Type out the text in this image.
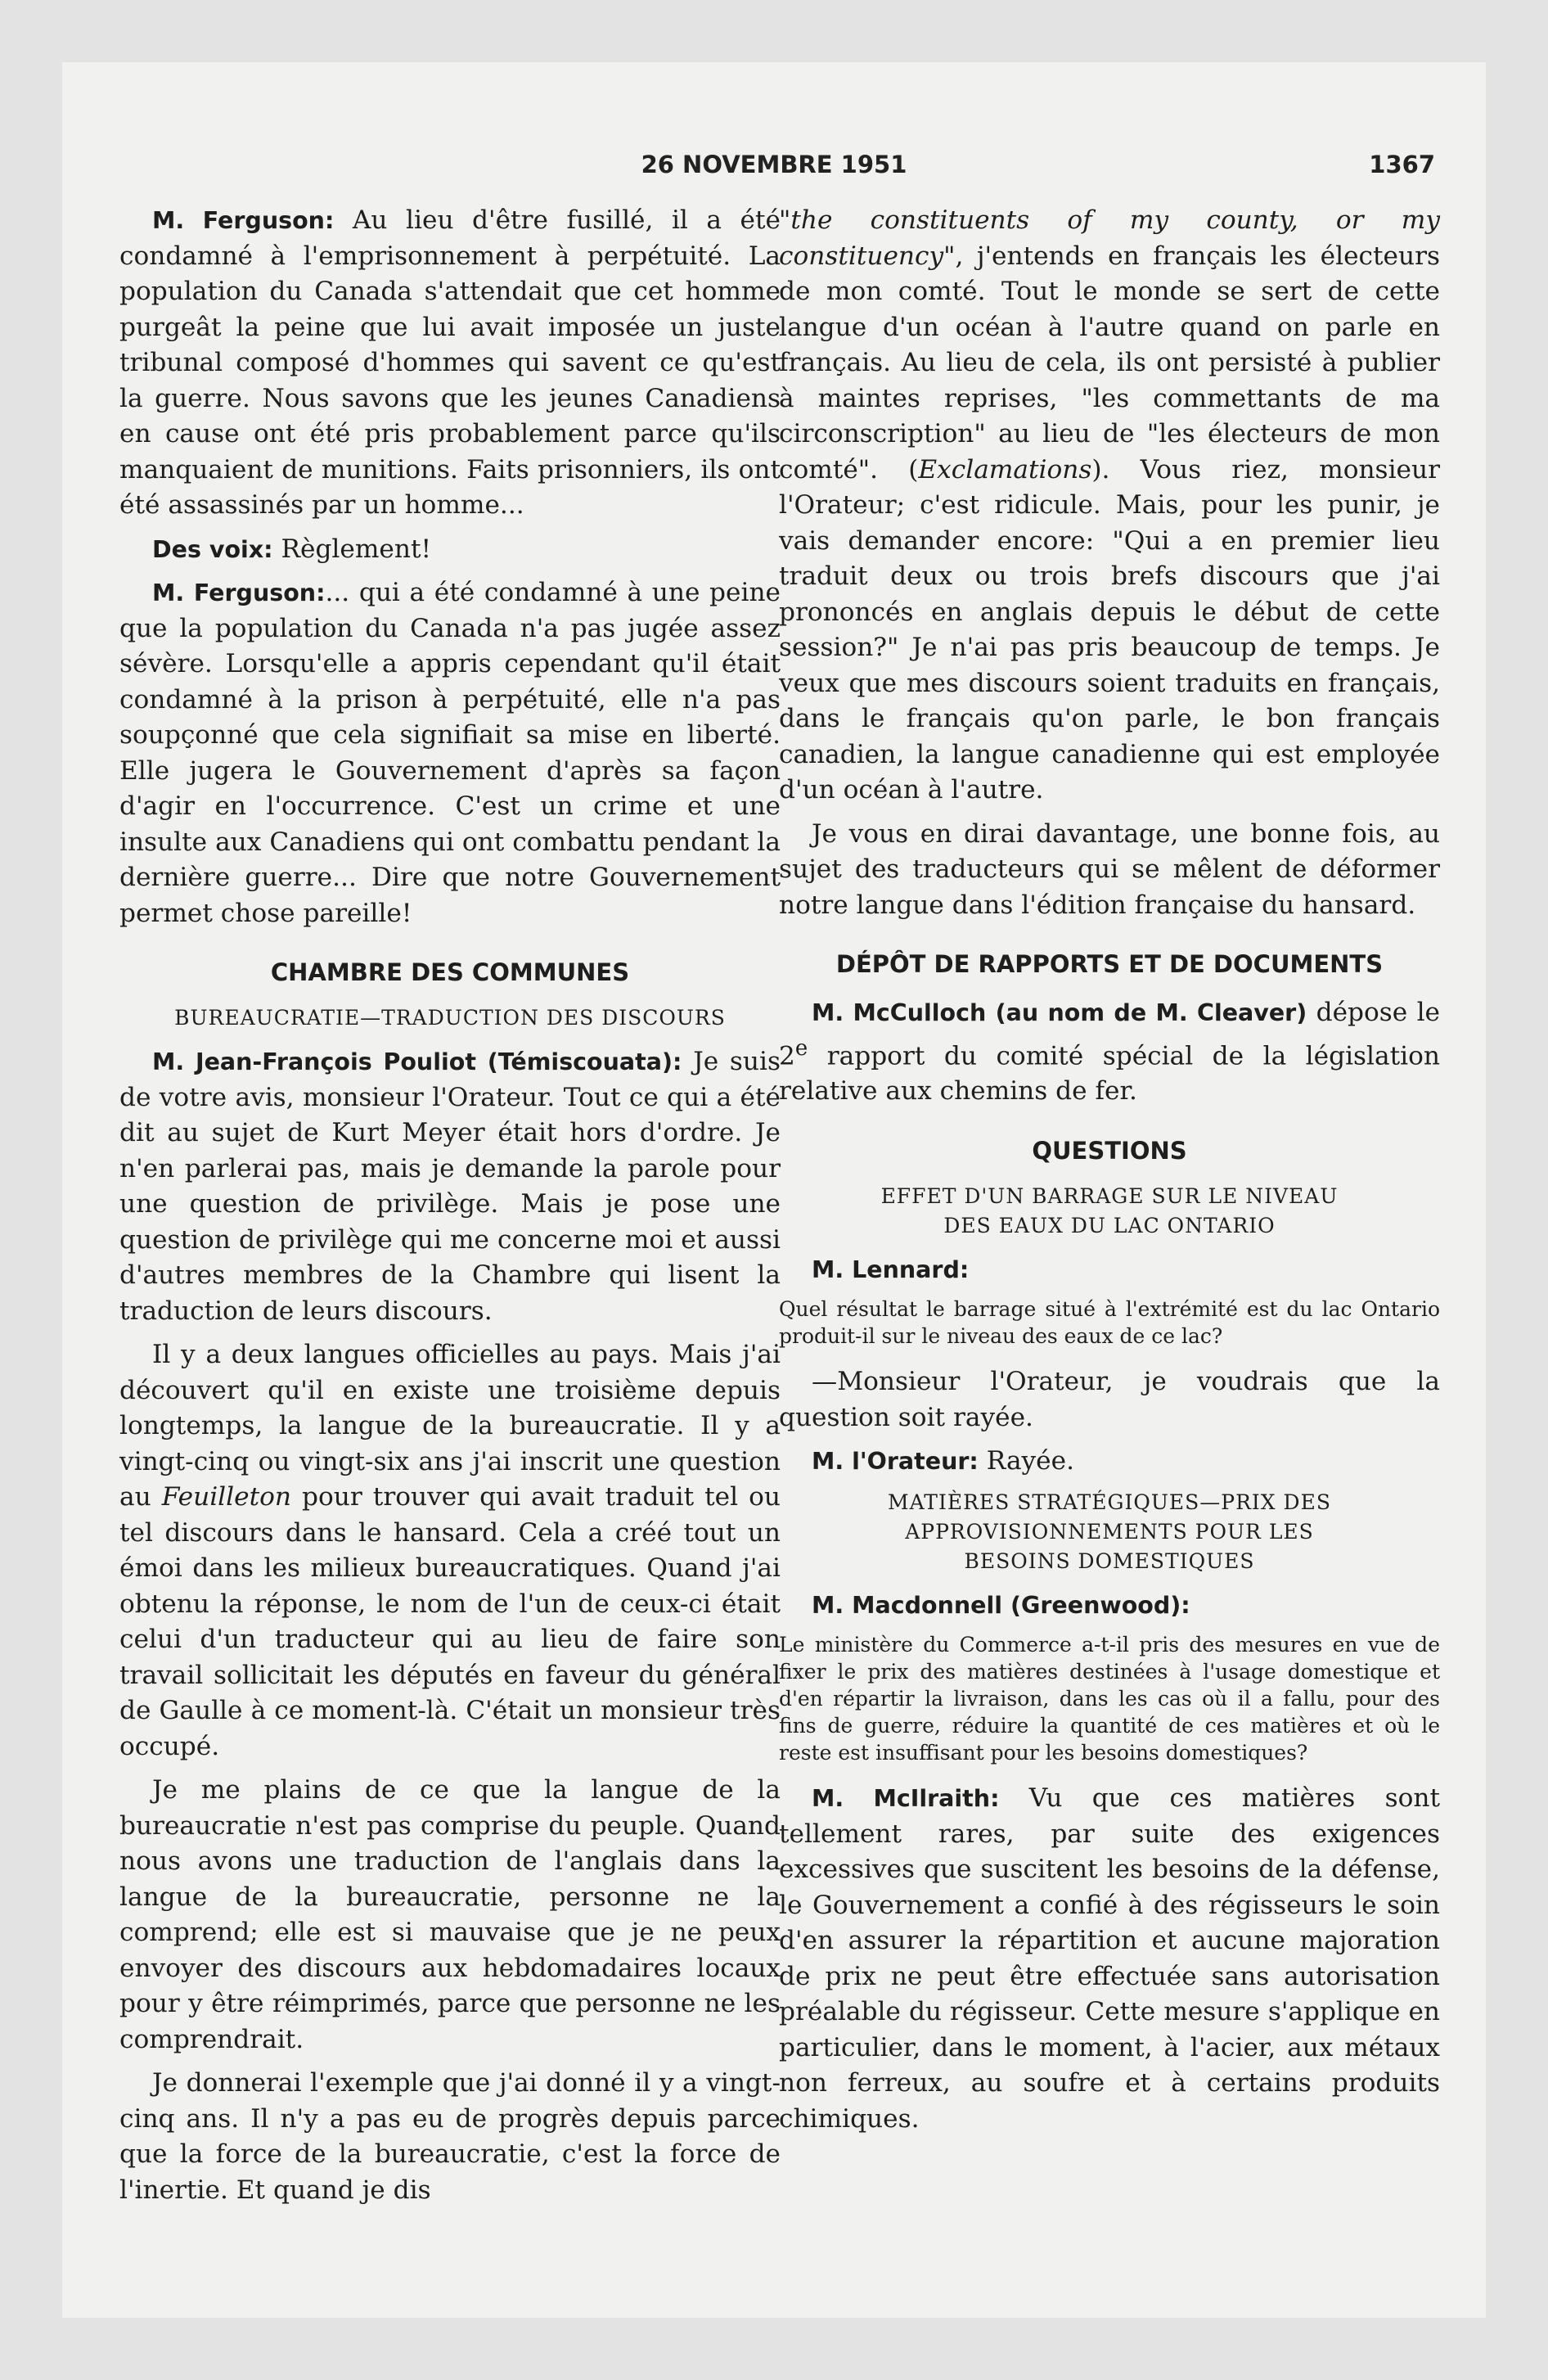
26 NOVEMBRE 1951	1367

M. Ferguson: Au lieu d'être fusillé, il a été condamné à l'emprisonnement à perpétuité. La population du Canada s'attendait que cet homme purgeât la peine que lui avait imposée un juste tribunal composé d'hommes qui savent ce qu'est la guerre. Nous savons que les jeunes Canadiens en cause ont été pris probablement parce qu'ils manquaient de munitions. Faits prisonniers, ils ont été assassinés par un homme...

Des voix: Règlement!

M. Ferguson:... qui a été condamné à une peine que la population du Canada n'a pas jugée assez sévère. Lorsqu'elle a appris cependant qu'il était condamné à la prison à perpétuité, elle n'a pas soupçonné que cela signifiait sa mise en liberté. Elle jugera le Gouvernement d'après sa façon d'agir en l'occurrence. C'est un crime et une insulte aux Canadiens qui ont combattu pendant la dernière guerre... Dire que notre Gouvernement permet chose pareille!

CHAMBRE DES COMMUNES
BUREAUCRATIE—TRADUCTION DES DISCOURS

M. Jean-François Pouliot (Témiscouata): Je suis de votre avis, monsieur l'Orateur. Tout ce qui a été dit au sujet de Kurt Meyer était hors d'ordre. Je n'en parlerai pas, mais je demande la parole pour une question de privilège. Mais je pose une question de privilège qui me concerne moi et aussi d'autres membres de la Chambre qui lisent la traduction de leurs discours.

Il y a deux langues officielles au pays. Mais j'ai découvert qu'il en existe une troisième depuis longtemps, la langue de la bureaucratie. Il y a vingt-cinq ou vingt-six ans j'ai inscrit une question au Feuilleton pour trouver qui avait traduit tel ou tel discours dans le hansard. Cela a créé tout un émoi dans les milieux bureaucratiques. Quand j'ai obtenu la réponse, le nom de l'un de ceux-ci était celui d'un traducteur qui au lieu de faire son travail sollicitait les députés en faveur du général de Gaulle à ce moment-là. C'était un monsieur très occupé.

Je me plains de ce que la langue de la bureaucratie n'est pas comprise du peuple. Quand nous avons une traduction de l'anglais dans la langue de la bureaucratie, personne ne la comprend; elle est si mauvaise que je ne peux envoyer des discours aux hebdomadaires locaux pour y être réimprimés, parce que personne ne les comprendrait.

Je donnerai l'exemple que j'ai donné il y a vingt-cinq ans. Il n'y a pas eu de progrès depuis parce que la force de la bureaucratie, c'est la force de l'inertie. Et quand je dis

"the constituents of my county, or my constituency", j'entends en français les électeurs de mon comté. Tout le monde se sert de cette langue d'un océan à l'autre quand on parle en français. Au lieu de cela, ils ont persisté à publier à maintes reprises, "les commettants de ma circonscription" au lieu de "les électeurs de mon comté". (Exclamations). Vous riez, monsieur l'Orateur; c'est ridicule. Mais, pour les punir, je vais demander encore: "Qui a en premier lieu traduit deux ou trois brefs discours que j'ai prononcés en anglais depuis le début de cette session?" Je n'ai pas pris beaucoup de temps. Je veux que mes discours soient traduits en français, dans le français qu'on parle, le bon français canadien, la langue canadienne qui est employée d'un océan à l'autre.

Je vous en dirai davantage, une bonne fois, au sujet des traducteurs qui se mêlent de déformer notre langue dans l'édition française du hansard.

DÉPÔT DE RAPPORTS ET DE DOCUMENTS

M. McCulloch (au nom de M. Cleaver) dépose le 2e rapport du comité spécial de la législation relative aux chemins de fer.

QUESTIONS
EFFET D'UN BARRAGE SUR LE NIVEAU
DES EAUX DU LAC ONTARIO

M. Lennard:

Quel résultat le barrage situé à l'extrémité est du lac Ontario produit-il sur le niveau des eaux de ce lac?

—Monsieur l'Orateur, je voudrais que la question soit rayée.

M. l'Orateur: Rayée.

MATIÈRES STRATÉGIQUES—PRIX DES
APPROVISIONNEMENTS POUR LES
BESOINS DOMESTIQUES

M. Macdonnell (Greenwood):

Le ministère du Commerce a-t-il pris des mesures en vue de fixer le prix des matières destinées à l'usage domestique et d'en répartir la livraison, dans les cas où il a fallu, pour des fins de guerre, réduire la quantité de ces matières et où le reste est insuffisant pour les besoins domestiques?

M. McIlraith: Vu que ces matières sont tellement rares, par suite des exigences excessives que suscitent les besoins de la défense, le Gouvernement a confié à des régisseurs le soin d'en assurer la répartition et aucune majoration de prix ne peut être effectuée sans autorisation préalable du régisseur. Cette mesure s'applique en particulier, dans le moment, à l'acier, aux métaux non ferreux, au soufre et à certains produits chimiques.
